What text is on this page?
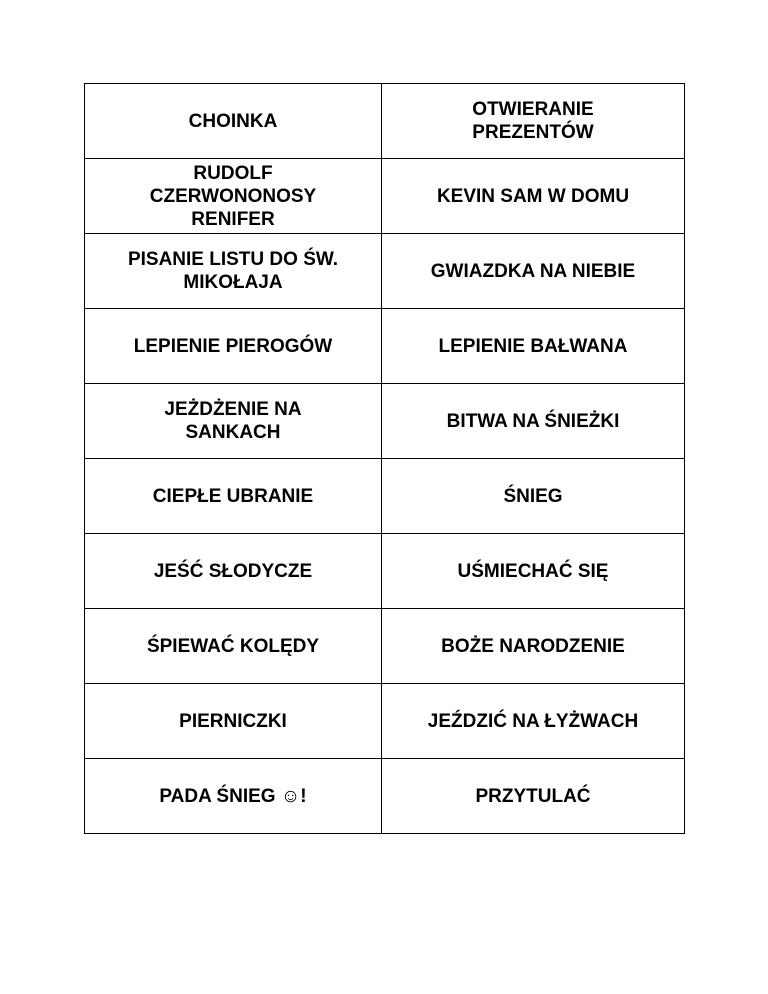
CHOINKA	OTWIERANIE PREZENTÓW
RUDOLF CZERWONONOSY RENIFER	KEVIN SAM W DOMU
PISANIE LISTU DO ŚW. MIKOŁAJA	GWIAZDKA NA NIEBIE
LEPIENIE PIEROGÓW	LEPIENIE BAŁWANA
JEŻDŻENIE NA SANKACH	BITWA NA ŚNIEŻKI
CIEPŁE UBRANIE	ŚNIEG
JEŚĆ SŁODYCZE	UŚMIECHAĆ SIĘ
ŚPIEWAĆ KOLĘDY	BOŻE NARODZENIE
PIERNICZKI	JEŹDZIĆ NA ŁYŻWACH
PADA ŚNIEG ☺!	PRZYTULAĆ
